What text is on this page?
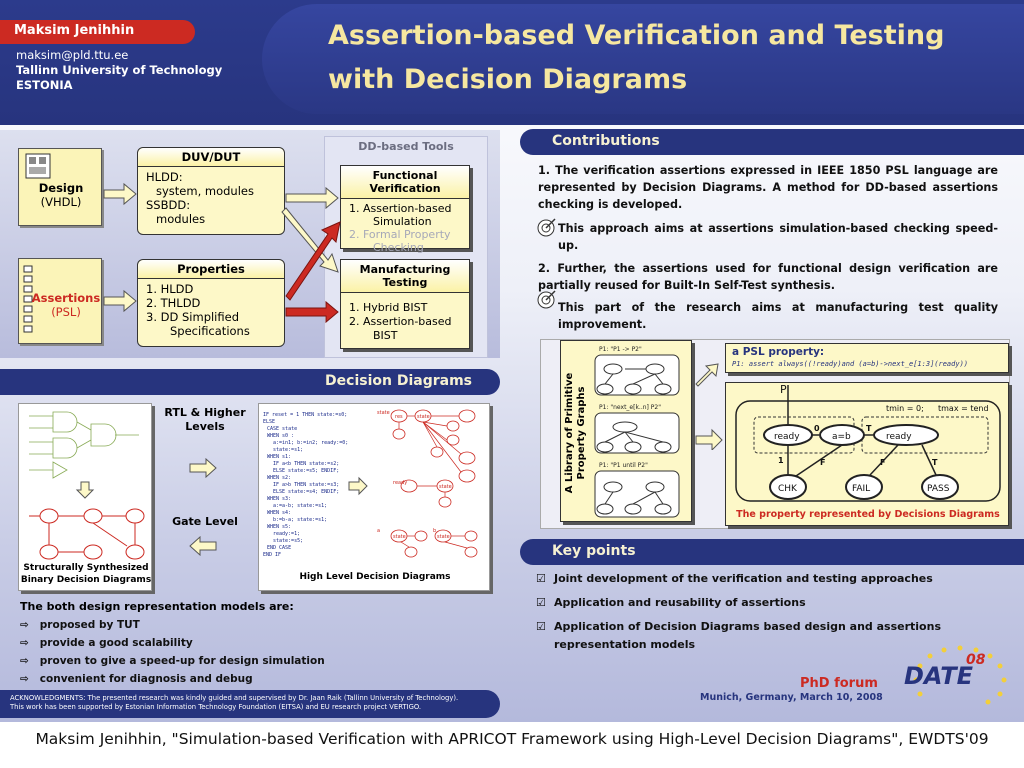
Assertion-based Verification and Testing
with Decision Diagrams
Maksim Jenihhin
maksim@pld.ttu.ee
Tallinn University of Technology
ESTONIA
DD-based Tools
Design
(VHDL)
Assertions
(PSL)
DUV/DUT
HLDD:
system, modules
SSBDD:
modules
Properties
1. HLDD
2. THLDD
3. DD Simplified
Specifications
Functional Verification
1. Assertion-based
Simulation
2. Formal Property
Checking
Manufacturing Testing
1. Hybrid BIST
2. Assertion-based
BIST
Contributions
1. The verification assertions expressed in IEEE 1850 PSL language are represented by Decision Diagrams. A method for DD-based assertions checking is developed.
This approach aims at assertions simulation-based checking speed-up.
2. Further, the assertions used for functional design verification are partially reused for Built-In Self-Test synthesis.
This part of the research aims at manufacturing test quality improvement.
A Library of Primitive Property Graphs
P1: "P1 -> P2"
P1: "next_e[k..n] P2"
P1: "P1 until P2"
a PSL property:
P1: assert always((!ready)and (a=b)->next_e[1:3](ready))
P
ready	a=b	ready
CHK	FAIL	PASS
tmin = 0; tmax = tend
0	T
1	F	F	T
The property represented by Decisions Diagrams
Decision Diagrams
Structurally Synthesized Binary Decision Diagrams
RTL & Higher Levels
Gate Level
IF reset = 1 THEN state:=s0;
ELSE
CASE state
WHEN s0 :
a:=in1; b:=in2; ready:=0;
state:=s1;
WHEN s1:
IF a<b THEN state:=s2;
ELSE state:=s5; ENDIF;
WHEN s2:
IF a>b THEN state:=s3;
ELSE state:=s4; ENDIF;
WHEN s3:
a:=a-b; state:=s1;
WHEN s4:
b:=b-a; state:=s1;
WHEN s5:
ready:=1;
state:=s5;
END CASE
END IF
state
res	state
ready
state
a
state
b
state
High Level Decision Diagrams
The both design representation models are:
⇨ proposed by TUT
⇨ provide a good scalability
⇨ proven to give a speed-up for design simulation
⇨ convenient for diagnosis and debug
Key points
☑ Joint development of the verification and testing approaches
☑ Application and reusability of assertions
☑ Application of Decision Diagrams based design and assertions representation models
ACKNOWLEDGMENTS: The presented research was kindly guided and supervised by Dr. Jaan Raik (Tallinn University of Technology).
This work has been supported by Estonian Information Technology Foundation (EITSA) and EU research project VERTIGO.
PhD forum
Munich, Germany, March 10, 2008
DATE
08
Maksim Jenihhin, "Simulation-based Verification with APRICOT Framework using High-Level Decision Diagrams", EWDTS'09
